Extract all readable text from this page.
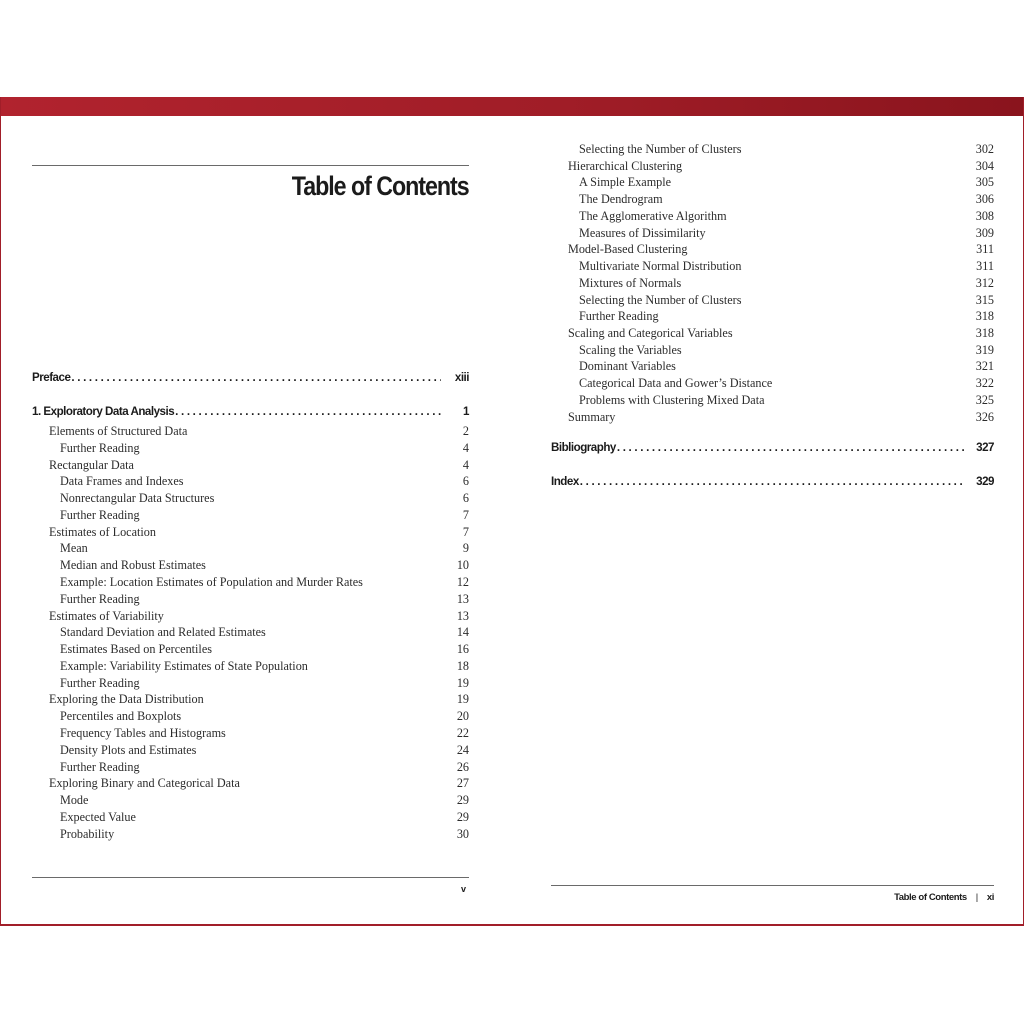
Table of Contents
Preface . . .	xiii
1. Exploratory Data Analysis . . .	1
Elements of Structured Data	2
Further Reading	4
Rectangular Data	4
Data Frames and Indexes	6
Nonrectangular Data Structures	6
Further Reading	7
Estimates of Location	7
Mean	9
Median and Robust Estimates	10
Example: Location Estimates of Population and Murder Rates	12
Further Reading	13
Estimates of Variability	13
Standard Deviation and Related Estimates	14
Estimates Based on Percentiles	16
Example: Variability Estimates of State Population	18
Further Reading	19
Exploring the Data Distribution	19
Percentiles and Boxplots	20
Frequency Tables and Histograms	22
Density Plots and Estimates	24
Further Reading	26
Exploring Binary and Categorical Data	27
Mode	29
Expected Value	29
Probability	30
v
Selecting the Number of Clusters	302
Hierarchical Clustering	304
A Simple Example	305
The Dendrogram	306
The Agglomerative Algorithm	308
Measures of Dissimilarity	309
Model-Based Clustering	311
Multivariate Normal Distribution	311
Mixtures of Normals	312
Selecting the Number of Clusters	315
Further Reading	318
Scaling and Categorical Variables	318
Scaling the Variables	319
Dominant Variables	321
Categorical Data and Gower’s Distance	322
Problems with Clustering Mixed Data	325
Summary	326
Bibliography . . .	327
Index . . .	329
Table of Contents | xi
